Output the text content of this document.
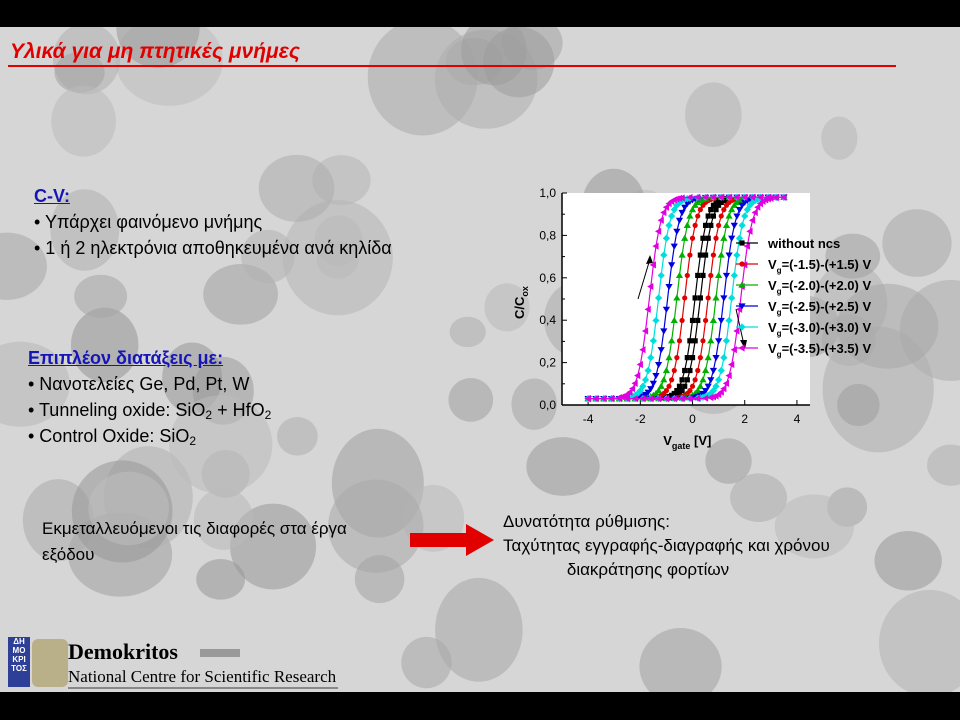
Υλικά για μη πτητικές μνήμες
C-V:
• Υπάρχει φαινόμενο μνήμης
• 1 ή 2 ηλεκτρόνια αποθηκευμένα ανά κηλίδα
Επιπλέον διατάξεις με:
• Νανοτελείες Ge, Pd, Pt, W
• Tunneling oxide: SiO$_2$ + HfO$_2$
• Control Oxide: SiO$_2$
Εκμεταλλευόμενοι τις διαφορές στα έργα εξόδου
Δυνατότητα ρύθμισης:
Ταχύτητας εγγραφής-διαγραφής και χρόνου
διακράτησης φορτίων
0,0
0,2
0,4
0,6
0,8
1,0
-4	-2	0	2	4
$V_{gate}$ [V]
$C/C_{ox}$
without ncs
$V_g=(-1.5)-(+1.5)$ V
$V_g=(-2.0)-(+2.0)$ V
$V_g=(-2.5)-(+2.5)$ V
$V_g=(-3.0)-(+3.0)$ V
$V_g=(-3.5)-(+3.5)$ V
ΔΗ ΜΟ ΚΡΙ ΤΟΣ
Demokritos
National Centre for Scientific Research
